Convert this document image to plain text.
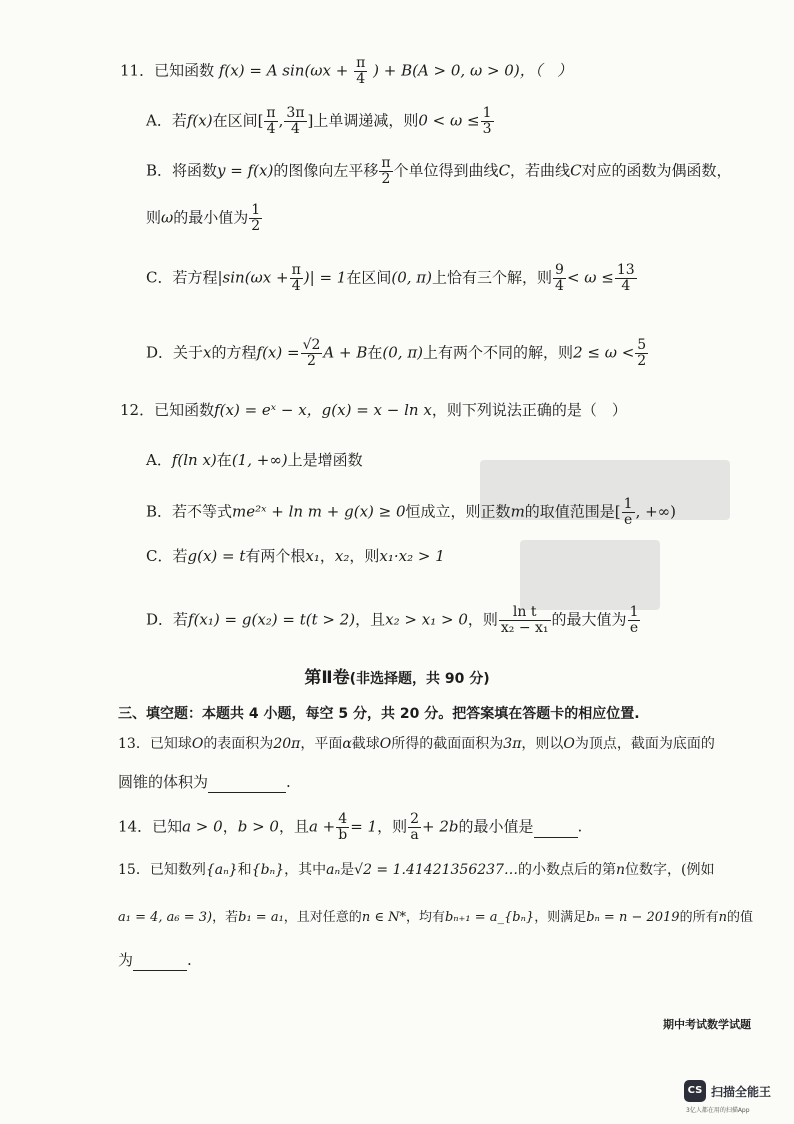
11．已知函数 f(x) = A $\sin(\omega x + \frac{\pi}{4}$ ) + B(A > 0, ω > 0)，（　）
A．若f(x)在区间[ $\frac{\pi}{4}$ , $\frac{3\pi}{4}$ ]上单调递减，则$0 < \omega \le \frac{1}{3}$
B．将函数y = f(x)的图像向左平移 $\frac{\pi}{2}$ 个单位得到曲线C，若曲线C对应的函数为偶函数，
则ω的最小值为 $\frac{1}{2}$
C．若方程$|\sin(\omega x + \frac{\pi}{4}$ )| = 1在区间(0, π)上恰有三个解，则 $\frac{9}{4} < \omega \le \frac{13}{4}$
D．关于x的方程$f(x) = \frac{√2}{2}$ A + B在(0, π)上有两个不同的解，则$2 \le \omega < \frac{5}{2}$
12．已知函数f(x) = eˣ − x，g(x) = x − ln x，则下列说法正确的是（　）
A．f(ln x)在(1, +∞)上是增函数
B．若不等式me²ˣ + ln m + g(x) ≥ 0恒成立，则正数m的取值范围是[ $\frac{1}{e}$ , +∞)
C．若g(x) = t有两个根x₁，x₂，则x₁·x₂ > 1
D．若f(x₁) = g(x₂) = t(t > 2)，且x₂ > x₁ > 0，则 $\frac{\text{ln t}}{\text{x₂ − x₁}}$ 的最大值为 $\frac{1}{e}$
第Ⅱ卷(非选择题，共 90 分)
三、填空题：本题共 4 小题，每空 5 分，共 20 分。把答案填在答题卡的相应位置.
13．已知球O的表面积为20π，平面α截球O所得的截面面积为3π，则以O为顶点，截面为底面的
圆锥的体积为	.
14．已知a > 0，b > 0，且$a + \frac{4}{b} = 1$，则 $\frac{2}{a} + 2b$的最小值是	.
15．已知数列{aₙ}和{bₙ}，其中aₙ是√2 = 1.41421356237…的小数点后的第n位数字，(例如
a₁ = 4, a₆ = 3)，若b₁ = a₁，且对任意的n ∈ N*，均有bₙ₊₁ = a_{bₙ}，则满足bₙ = n − 2019的所有n的值
为	.
期中考试数学试题
CS 扫描全能王
3亿人都在用的扫描App
